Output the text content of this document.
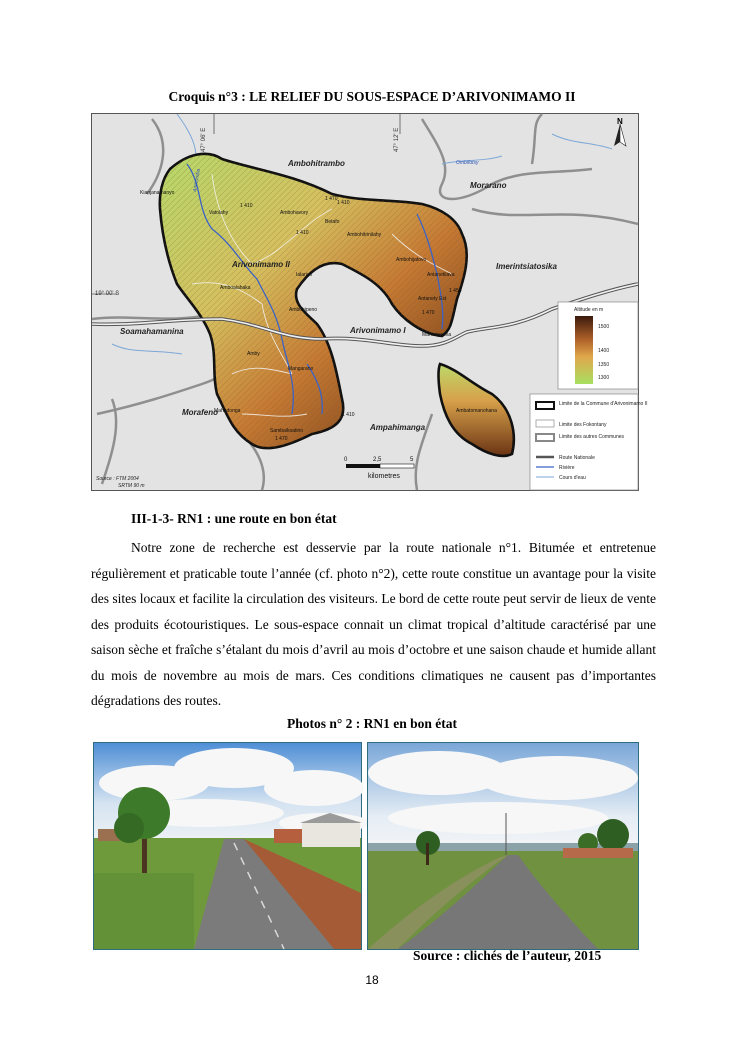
Croquis n°3 : LE RELIEF DU SOUS-ESPACE D’ARIVONIMAMO II
N
47° 06' E	47° 12' E
19° 00' S
Ambohitrambo
Morarano
Imerintsiatosika
Soamahamanina	Arivonimamo I
Morafeno
Ampahimanga
Arivonimamo II
Ombifotsy
Andromba
Kianjanamanyo
Vatolahy	Ambohavory
Betafo
Ambohitrinilahy
Ambohijatovo
Antanetilava
Ialarivo
Amboalahaka
Ambohipeno
Antanety Est
Manerinerina
Amby
Mangarano
Mahadonga
Sambaikoatino
Ambatomanohana
1 410
1 410
1 470
1 410
1 450
1 470
1 410
1 470
Altitude en m
1500
1400
1350
1300
Limite de la Commune d'Arivonimamo II
Limite des Fokontany
Limite des autres Communes
Route Nationale
Rivière
Cours d'eau
0	2,5	5
kilometres
Source : FTM 2004
SRTM 90 m
III-1-3- RN1 : une route en bon état
Notre zone de recherche est desservie par la route nationale n°1. Bitumée et entretenue régulièrement et praticable toute l’année (cf. photo n°2), cette route constitue un avantage pour la visite des sites locaux et facilite la circulation des visiteurs. Le bord de cette route peut servir de lieux de vente des produits écotouristiques. Le sous-espace connait un climat tropical d’altitude caractérisé par une saison sèche et fraîche s’étalant du mois d’avril au mois d’octobre et une saison chaude et humide allant du mois de novembre au mois de mars. Ces conditions climatiques ne causent pas d’importantes dégradations des routes.
Photos n° 2 : RN1 en bon état
Source : clichés de l’auteur, 2015
18
